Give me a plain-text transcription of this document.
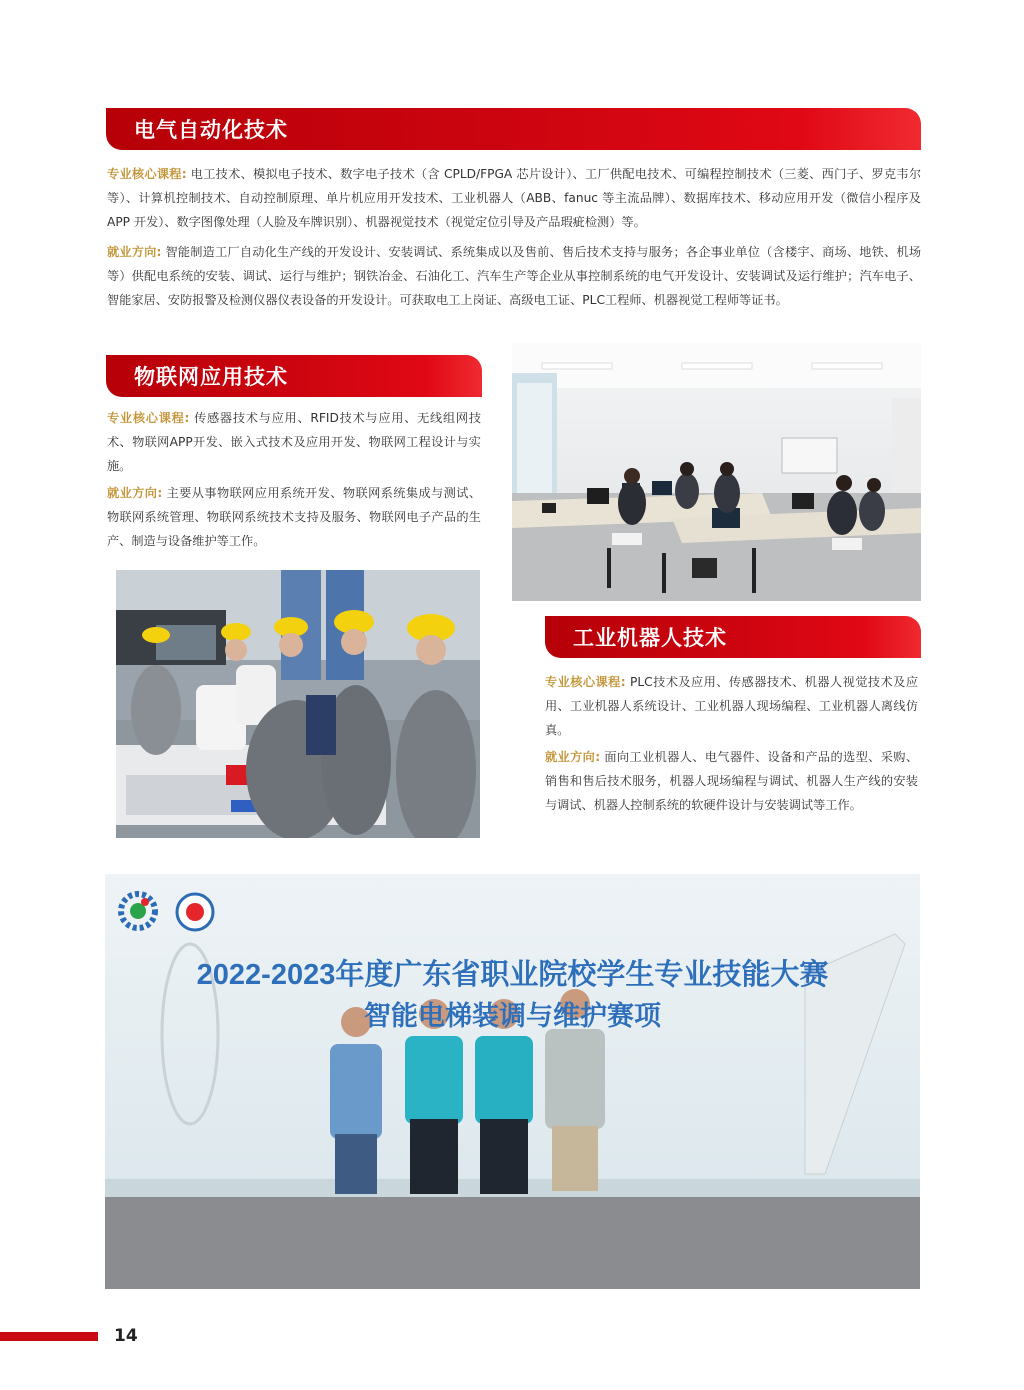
电气自动化技术
专业核心课程: 电工技术、模拟电子技术、数字电子技术（含 CPLD/FPGA 芯片设计）、工厂供配电技术、可编程控制技术（三菱、西门子、罗克韦尔等）、计算机控制技术、自动控制原理、单片机应用开发技术、工业机器人（ABB、fanuc 等主流品牌）、数据库技术、移动应用开发（微信小程序及 APP 开发）、数字图像处理（人脸及车牌识别）、机器视觉技术（视觉定位引导及产品瑕疵检测）等。
就业方向: 智能制造工厂自动化生产线的开发设计、安装调试、系统集成以及售前、售后技术支持与服务；各企事业单位（含楼宇、商场、地铁、机场等）供配电系统的安装、调试、运行与维护；钢铁冶金、石油化工、汽车生产等企业从事控制系统的电气开发设计、安装调试及运行维护；汽车电子、智能家居、安防报警及检测仪器仪表设备的开发设计。可获取电工上岗证、高级电工证、PLC工程师、机器视觉工程师等证书。
物联网应用技术
专业核心课程: 传感器技术与应用、RFID技术与应用、无线组网技术、物联网APP开发、嵌入式技术及应用开发、物联网工程设计与实施。
就业方向: 主要从事物联网应用系统开发、物联网系统集成与测试、物联网系统管理、物联网系统技术支持及服务、物联网电子产品的生产、制造与设备维护等工作。
工业机器人技术
专业核心课程: PLC技术及应用、传感器技术、机器人视觉技术及应用、工业机器人系统设计、工业机器人现场编程、工业机器人离线仿真。
就业方向: 面向工业机器人、电气器件、设备和产品的选型、采购、销售和售后技术服务，机器人现场编程与调试、机器人生产线的安装与调试、机器人控制系统的软硬件设计与安装调试等工作。
2022-2023年度广东省职业院校学生专业技能大赛
智能电梯装调与维护赛项
14
